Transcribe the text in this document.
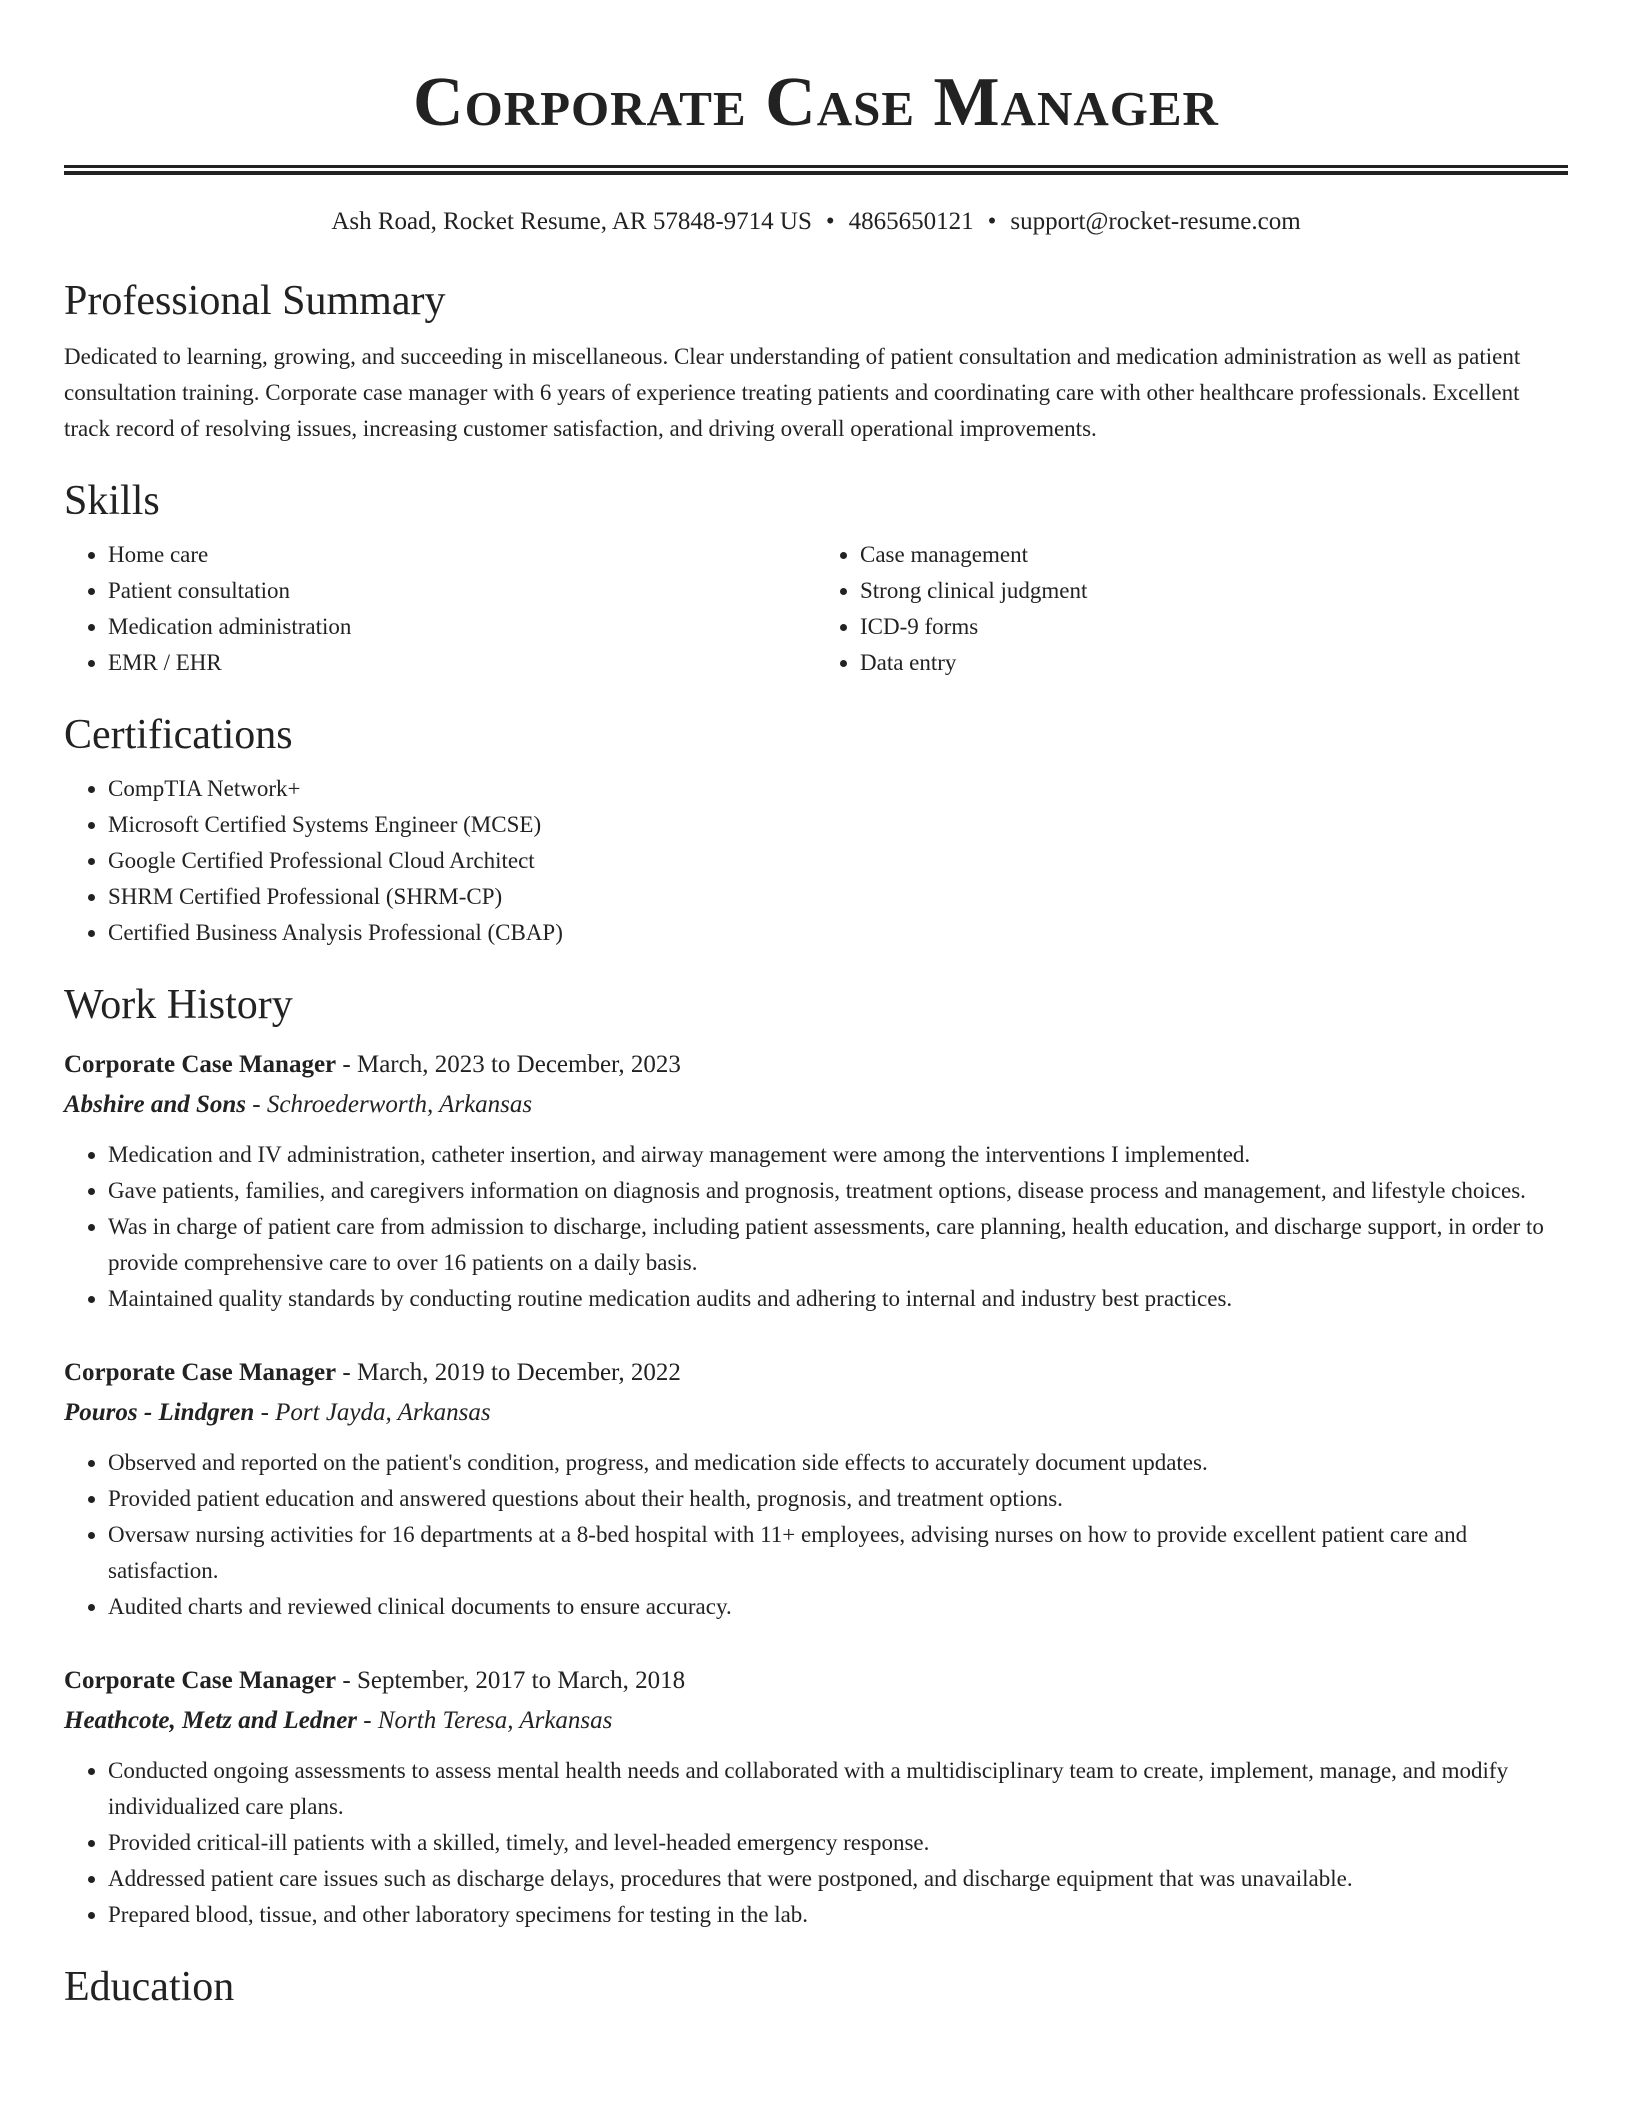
Corporate Case Manager
Ash Road, Rocket Resume, AR 57848-9714 US • 4865650121 • support@rocket-resume.com
Professional Summary

Dedicated to learning, growing, and succeeding in miscellaneous. Clear understanding of patient consultation and medication administration as well as patient consultation training. Corporate case manager with 6 years of experience treating patients and coordinating care with other healthcare professionals. Excellent track record of resolving issues, increasing customer satisfaction, and driving overall operational improvements.

Skills
• Home care
• Patient consultation
• Medication administration
• EMR / EHR
• Case management
• Strong clinical judgment
• ICD-9 forms
• Data entry
Certifications
• CompTIA Network+
• Microsoft Certified Systems Engineer (MCSE)
• Google Certified Professional Cloud Architect
• SHRM Certified Professional (SHRM-CP)
• Certified Business Analysis Professional (CBAP)
Work History
Corporate Case Manager - March, 2023 to December, 2023
Abshire and Sons - Schroederworth, Arkansas
• Medication and IV administration, catheter insertion, and airway management were among the interventions I implemented.
• Gave patients, families, and caregivers information on diagnosis and prognosis, treatment options, disease process and management, and lifestyle choices.
• Was in charge of patient care from admission to discharge, including patient assessments, care planning, health education, and discharge support, in order to provide comprehensive care to over 16 patients on a daily basis.
• Maintained quality standards by conducting routine medication audits and adhering to internal and industry best practices.
Corporate Case Manager - March, 2019 to December, 2022
Pouros - Lindgren - Port Jayda, Arkansas
• Observed and reported on the patient's condition, progress, and medication side effects to accurately document updates.
• Provided patient education and answered questions about their health, prognosis, and treatment options.
• Oversaw nursing activities for 16 departments at a 8-bed hospital with 11+ employees, advising nurses on how to provide excellent patient care and satisfaction.
• Audited charts and reviewed clinical documents to ensure accuracy.
Corporate Case Manager - September, 2017 to March, 2018
Heathcote, Metz and Ledner - North Teresa, Arkansas
• Conducted ongoing assessments to assess mental health needs and collaborated with a multidisciplinary team to create, implement, manage, and modify individualized care plans.
• Provided critical-ill patients with a skilled, timely, and level-headed emergency response.
• Addressed patient care issues such as discharge delays, procedures that were postponed, and discharge equipment that was unavailable.
• Prepared blood, tissue, and other laboratory specimens for testing in the lab.
Education
